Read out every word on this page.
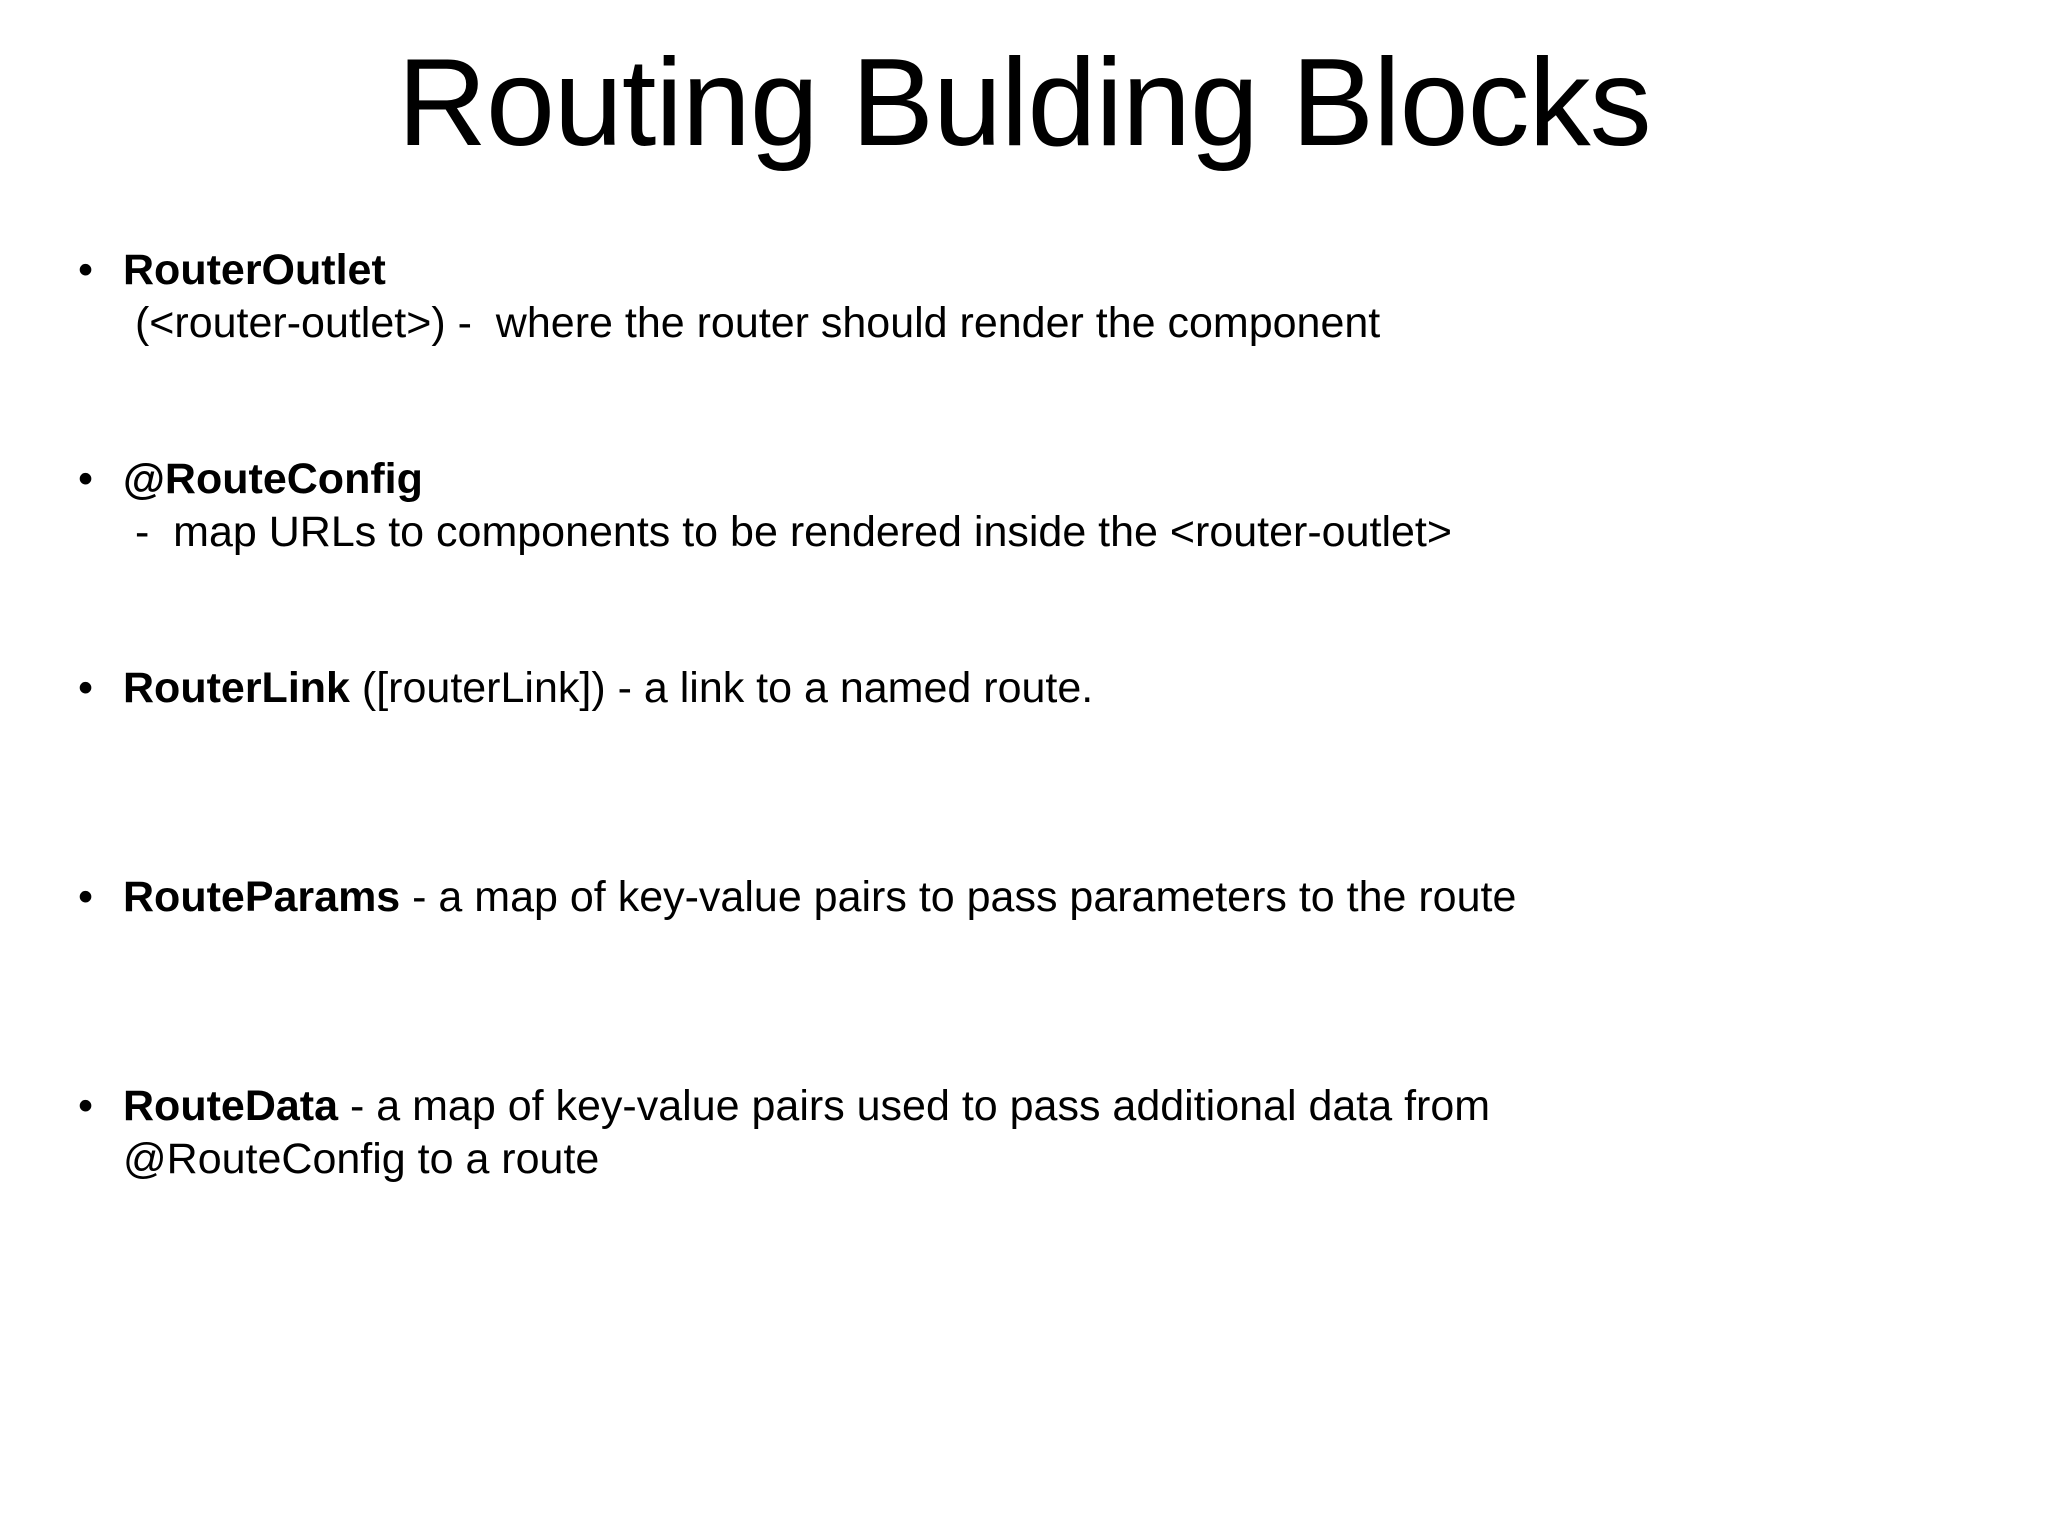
Routing Bulding Blocks
• RouterOutlet (<router-outlet>) -  where the router should render the component
• @RouteConfig -  map URLs to components to be rendered inside the <router-outlet>
• RouterLink ([routerLink]) - a link to a named route.
• RouteParams - a map of key-value pairs to pass parameters to the route
• RouteData - a map of key-value pairs used to pass additional data from @RouteConfig to a route
